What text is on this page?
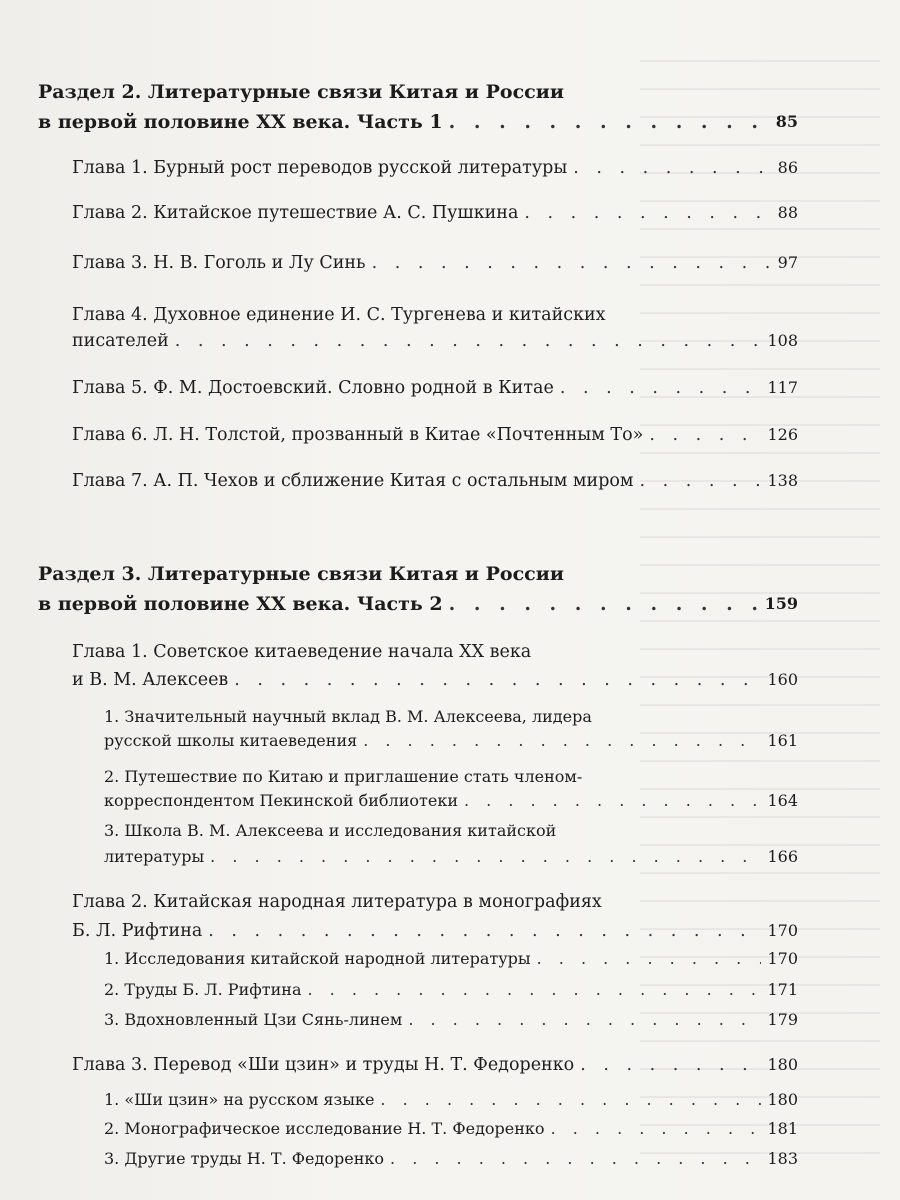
Раздел 2. Литературные связи Китая и России
в первой половине XX века. Часть 1 . . .	85
Глава 1. Бурный рост переводов русской литературы . . .	86
Глава 2. Китайское путешествие А. С. Пушкина . . .	88
Глава 3. Н. В. Гоголь и Лу Синь . . .	97
Глава 4. Духовное единение И. С. Тургенева и китайских
писателей . . .	108
Глава 5. Ф. М. Достоевский. Словно родной в Китае . . .	117
Глава 6. Л. Н. Толстой, прозванный в Китае «Почтенным То» . . .	126
Глава 7. А. П. Чехов и сближение Китая с остальным миром . . .	138
Раздел 3. Литературные связи Китая и России
в первой половине XX века. Часть 2 . . .	159
Глава 1. Советское китаеведение начала XX века
и В. М. Алексеев . . .	160
1. Значительный научный вклад В. М. Алексеева, лидера
русской школы китаеведения . . .	161
2. Путешествие по Китаю и приглашение стать членом-
корреспондентом Пекинской библиотеки . . .	164
3. Школа В. М. Алексеева и исследования китайской
литературы . . .	166
Глава 2. Китайская народная литература в монографиях
Б. Л. Рифтина . . .	170
1. Исследования китайской народной литературы . . .	170
2. Труды Б. Л. Рифтина . . .	171
3. Вдохновленный Цзи Сянь-линем . . .	179
Глава 3. Перевод «Ши цзин» и труды Н. Т. Федоренко . . .	180
1. «Ши цзин» на русском языке . . .	180
2. Монографическое исследование Н. Т. Федоренко . . .	181
3. Другие труды Н. Т. Федоренко . . .	183
